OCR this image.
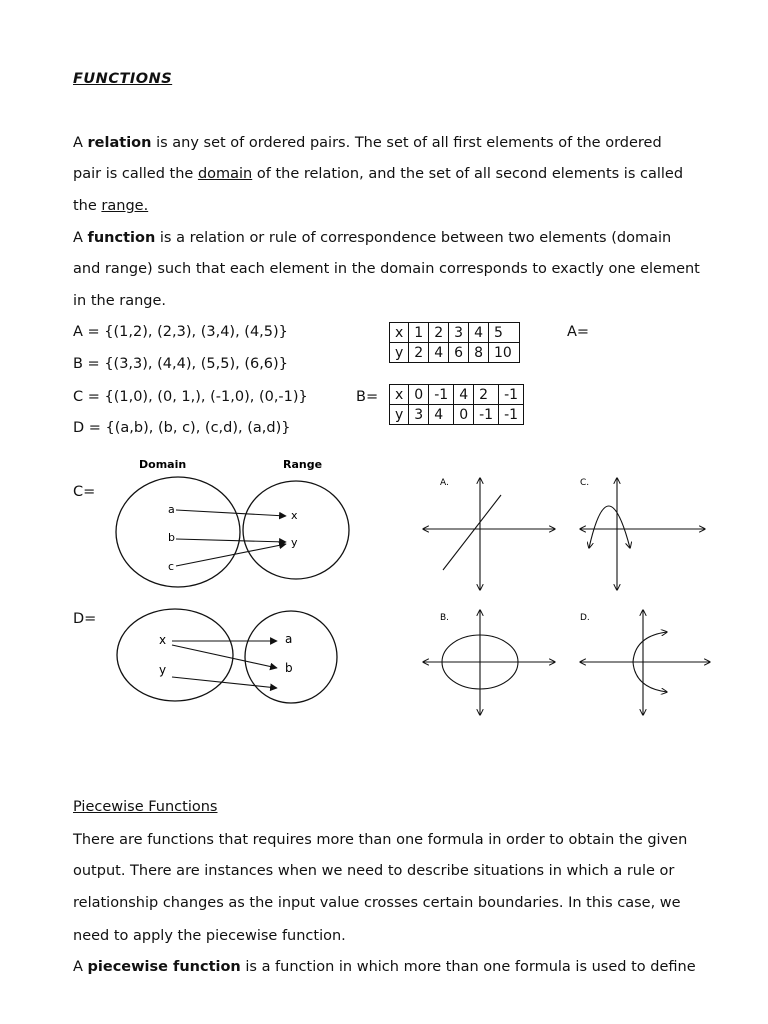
FUNCTIONS
A relation is any set of ordered pairs. The set of all first elements of the ordered
pair is called the domain of the relation, and the set of all second elements is called
the range.
A function is a relation or rule of correspondence between two elements (domain
and range) such that each element in the domain corresponds to exactly one element
in the range.
A = {(1,2), (2,3), (3,4), (4,5)}
B = {(3,3), (4,4), (5,5), (6,6)}
C = {(1,0), (0, 1,), (-1,0), (0,-1)}
D = {(a,b), (b, c), (c,d), (a,d)}
x	1	2	3	4	5
y	2	4	6	8	10
A=
B= x	0	-1	4	2	-1
y	3	4	0	-1	-1
C=
Domain	Range
a
b
c
x
y
D=
x
y
a
b
A.	C.
B.	D.
Piecewise Functions
There are functions that requires more than one formula in order to obtain the given
output. There are instances when we need to describe situations in which a rule or
relationship changes as the input value crosses certain boundaries. In this case, we
need to apply the piecewise function.
A piecewise function is a function in which more than one formula is used to define
